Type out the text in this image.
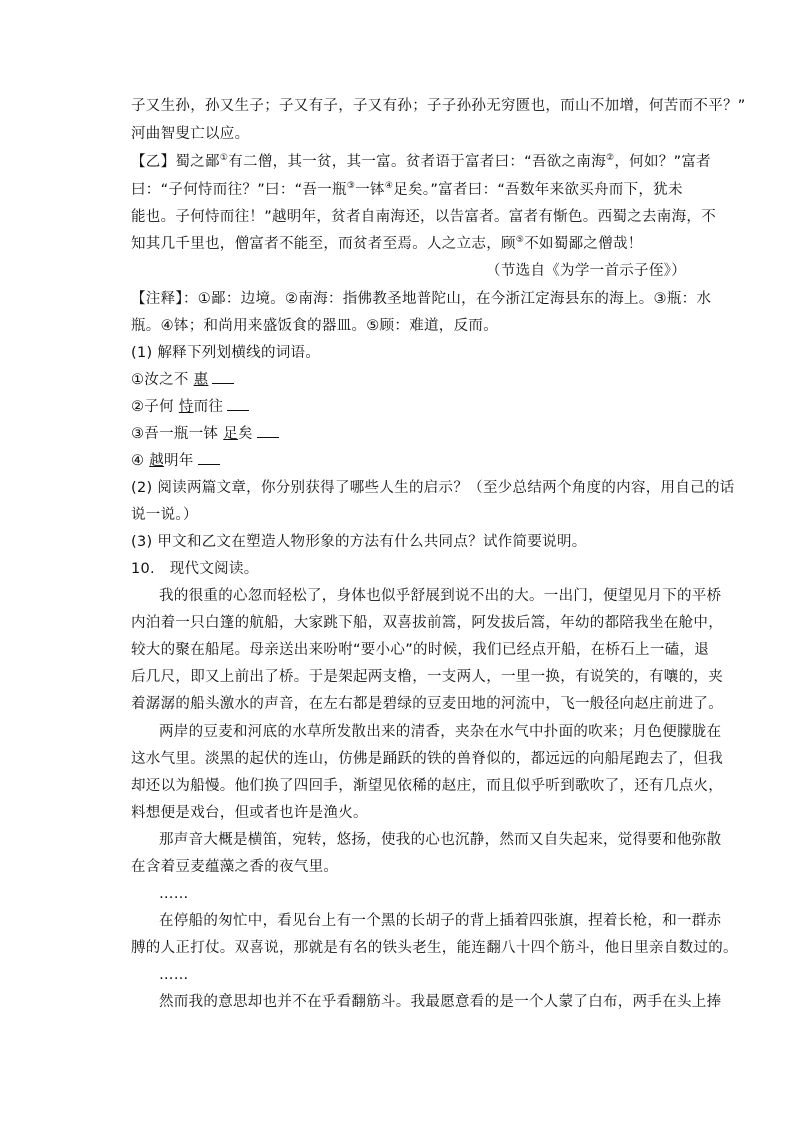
子又生孙，孙又生子；子又有子，子又有孙；子子孙孙无穷匮也，而山不加增，何苦而不平？”
河曲智叟亡以应。
【乙】蜀之鄙①有二僧，其一贫，其一富。贫者语于富者曰：“吾欲之南海②，何如？”富者
曰：“子何恃而往？”曰：“吾一瓶③一钵④足矣。”富者曰：“吾数年来欲买舟而下，犹未
能也。子何恃而往！”越明年，贫者自南海还，以告富者。富者有惭色。西蜀之去南海，不
知其几千里也，僧富者不能至，而贫者至焉。人之立志，顾⑤不如蜀鄙之僧哉！
（节选自《为学一首示子侄》）
【注释】：①鄙：边境。②南海：指佛教圣地普陀山，在今浙江定海县东的海上。③瓶：水
瓶。④钵；和尚用来盛饭食的器皿。⑤顾：难道，反而。
(1) 解释下列划横线的词语。
①汝之不 惠
②子何 恃而往
③吾一瓶一钵 足矣
④ 越明年
(2) 阅读两篇文章，你分别获得了哪些人生的启示？（至少总结两个角度的内容，用自己的话
说一说。）
(3) 甲文和乙文在塑造人物形象的方法有什么共同点？试作简要说明。
10.　现代文阅读。
我的很重的心忽而轻松了，身体也似乎舒展到说不出的大。一出门，便望见月下的平桥
内泊着一只白篷的航船，大家跳下船，双喜拔前篙，阿发拔后篙，年幼的都陪我坐在舱中，
较大的聚在船尾。母亲送出来吩咐“要小心”的时候，我们已经点开船，在桥石上一磕，退
后几尺，即又上前出了桥。于是架起两支橹，一支两人，一里一换，有说笑的，有嚷的，夹
着潺潺的船头激水的声音，在左右都是碧绿的豆麦田地的河流中，飞一般径向赵庄前进了。
两岸的豆麦和河底的水草所发散出来的清香，夹杂在水气中扑面的吹来；月色便朦胧在
这水气里。淡黑的起伏的连山，仿佛是踊跃的铁的兽脊似的，都远远的向船尾跑去了，但我
却还以为船慢。他们换了四回手，渐望见依稀的赵庄，而且似乎听到歌吹了，还有几点火，
料想便是戏台，但或者也许是渔火。
那声音大概是横笛，宛转，悠扬，使我的心也沉静，然而又自失起来，觉得要和他弥散
在含着豆麦蕴藻之香的夜气里。
……
在停船的匆忙中，看见台上有一个黑的长胡子的背上插着四张旗，捏着长枪，和一群赤
膊的人正打仗。双喜说，那就是有名的铁头老生，能连翻八十四个筋斗，他日里亲自数过的。
……
然而我的意思却也并不在乎看翻筋斗。我最愿意看的是一个人蒙了白布，两手在头上捧
